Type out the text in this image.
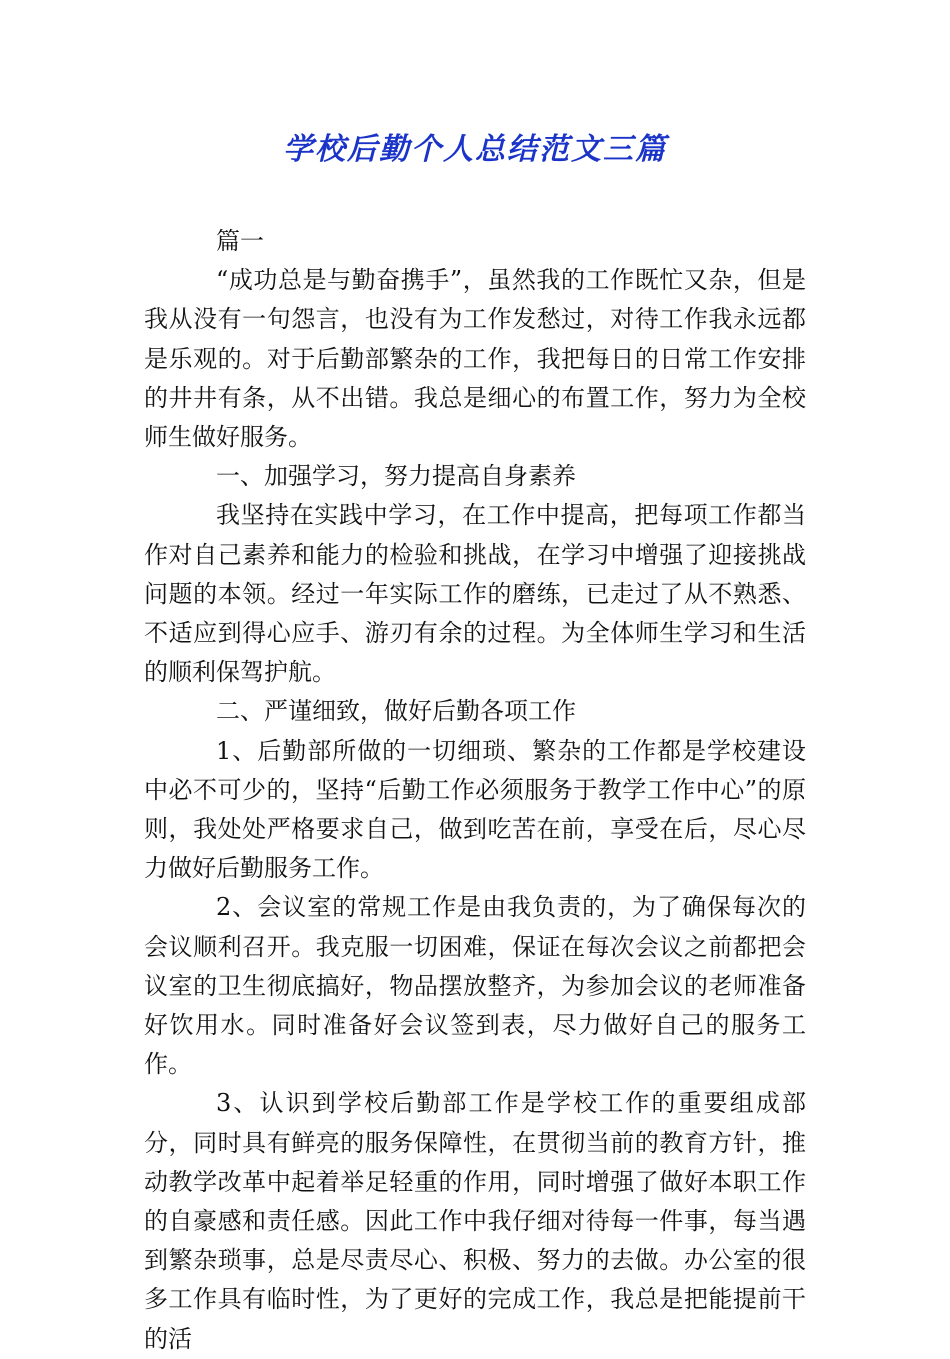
学校后勤个人总结范文三篇

篇一

“成功总是与勤奋携手”，虽然我的工作既忙又杂，但是我从没有一句怨言，也没有为工作发愁过，对待工作我永远都是乐观的。对于后勤部繁杂的工作，我把每日的日常工作安排的井井有条，从不出错。我总是细心的布置工作，努力为全校师生做好服务。

一、加强学习，努力提高自身素养

我坚持在实践中学习，在工作中提高，把每项工作都当作对自己素养和能力的检验和挑战，在学习中增强了迎接挑战问题的本领。经过一年实际工作的磨练，已走过了从不熟悉、不适应到得心应手、游刃有余的过程。为全体师生学习和生活的顺利保驾护航。

二、严谨细致，做好后勤各项工作

1、后勤部所做的一切细琐、繁杂的工作都是学校建设中必不可少的，坚持“后勤工作必须服务于教学工作中心”的原则，我处处严格要求自己，做到吃苦在前，享受在后，尽心尽力做好后勤服务工作。

2、会议室的常规工作是由我负责的，为了确保每次的会议顺利召开。我克服一切困难，保证在每次会议之前都把会议室的卫生彻底搞好，物品摆放整齐，为参加会议的老师准备好饮用水。同时准备好会议签到表，尽力做好自己的服务工作。

3、认识到学校后勤部工作是学校工作的重要组成部分，同时具有鲜亮的服务保障性，在贯彻当前的教育方针，推动教学改革中起着举足轻重的作用，同时增强了做好本职工作的自豪感和责任感。因此工作中我仔细对待每一件事，每当遇到繁杂琐事，总是尽责尽心、积极、努力的去做。办公室的很多工作具有临时性，为了更好的完成工作，我总是把能提前干的活
